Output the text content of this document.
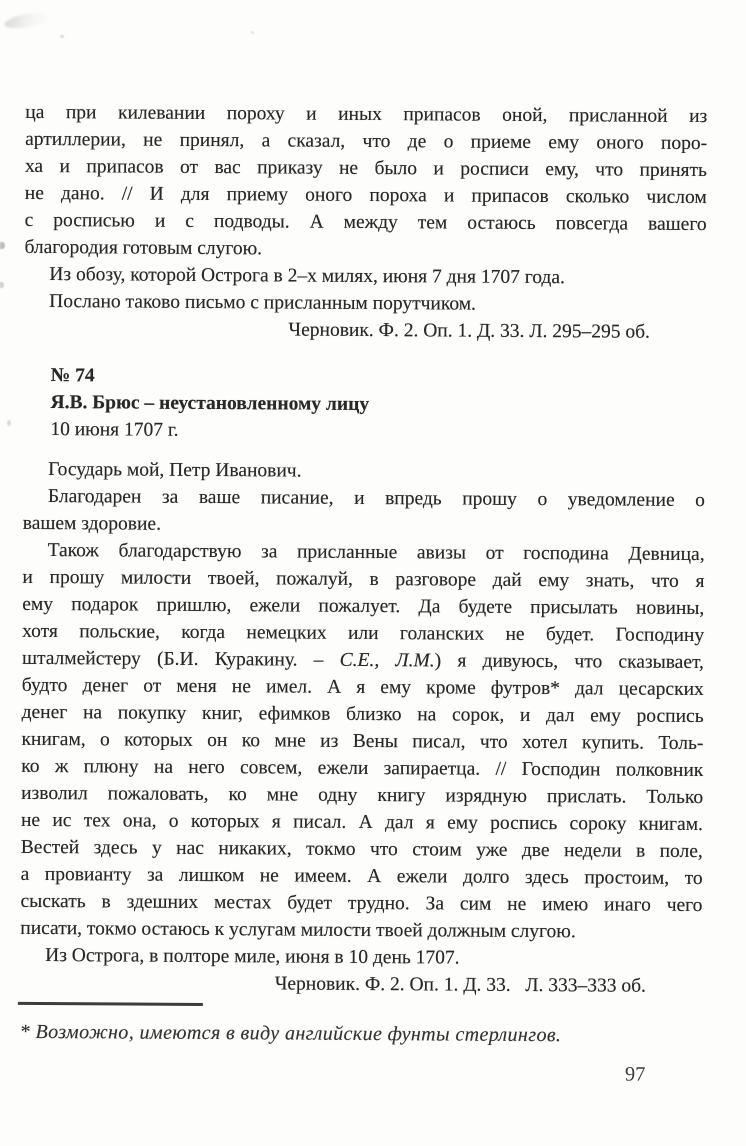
ца при килевании пороху и иных припасов оной, присланной из

артиллерии, не принял, а сказал, что де о приеме ему оного поро-

ха и припасов от вас приказу не было и росписи ему, что принять

не дано. // И для приему оного пороха и припасов сколько числом

с росписью и с подводы. А между тем остаюсь повсегда вашего

благородия готовым слугою.

Из обозу, которой Острога в 2–х милях, июня 7 дня 1707 года.

Послано таково письмо с присланным порутчиком.

Черновик. Ф. 2. Оп. 1. Д. 33. Л. 295–295 об.

№ 74

Я.В. Брюс – неустановленному лицу

10 июня 1707 г.

Государь мой, Петр Иванович.

Благодарен за ваше писание, и впредь прошу о уведомление о

вашем здоровие.

Також благодарствую за присланные авизы от господина Девница,

и прошу милости твоей, пожалуй, в разговоре дай ему знать, что я

ему подарок пришлю, ежели пожалует. Да будете присылать новины,

хотя польские, когда немецких или голанских не будет. Господину

шталмейстеру (Б.И. Куракину. – С.Е., Л.М.) я дивуюсь, что сказывает,

будто денег от меня не имел. А я ему кроме футров* дал цесарских

денег на покупку книг, ефимков близко на сорок, и дал ему роспись

книгам, о которых он ко мне из Вены писал, что хотел купить. Толь-

ко ж плюну на него совсем, ежели запираетца. // Господин полковник

изволил пожаловать, ко мне одну книгу изрядную прислать. Только

не ис тех она, о которых я писал. А дал я ему роспись сороку книгам.

Вестей здесь у нас никаких, токмо что стоим уже две недели в поле,

а провианту за лишком не имеем. А ежели долго здесь простоим, то

сыскать в здешних местах будет трудно. За сим не имею инаго чего

писати, токмо остаюсь к услугам милости твоей должным слугою.

Из Острога, в полторе миле, июня в 10 день 1707.

Черновик. Ф. 2. Оп. 1. Д. 33.   Л. 333–333 об.

* Возможно, имеются в виду английские фунты стерлингов.

97
